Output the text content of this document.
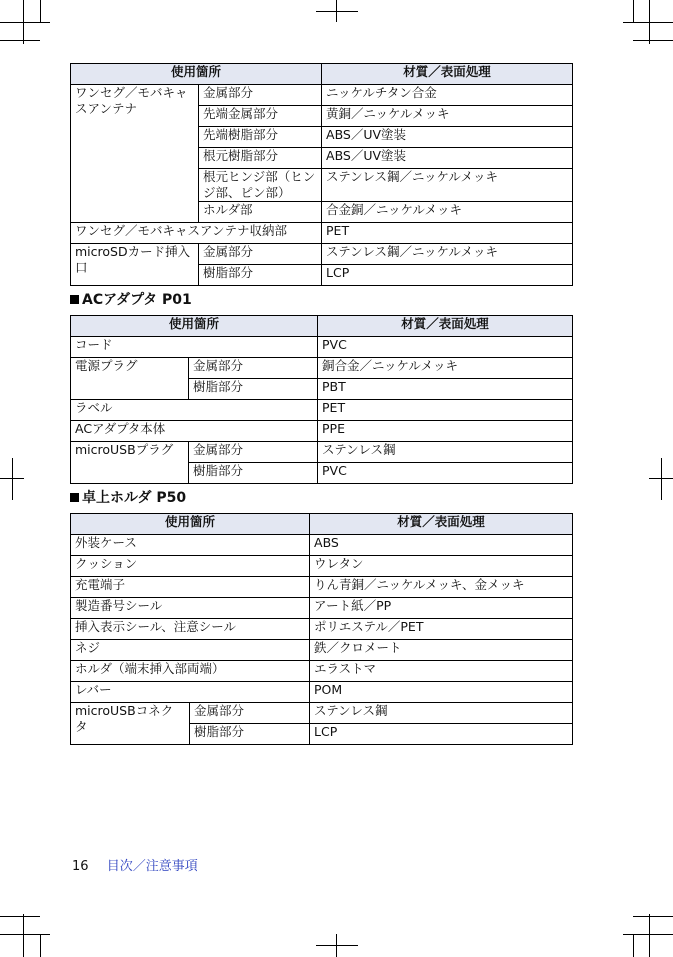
使用箇所		材質／表面処理
ワンセグ／モバキャスアンテナ	金属部分	ニッケルチタン合金
	先端金属部分	黄銅／ニッケルメッキ
	先端樹脂部分	ABS／UV塗装
	根元樹脂部分	ABS／UV塗装
	根元ヒンジ部（ヒンジ部、ピン部）	ステンレス鋼／ニッケルメッキ
	ホルダ部	合金銅／ニッケルメッキ
ワンセグ／モバキャスアンテナ収納部		PET
microSDカード挿入口	金属部分	ステンレス鋼／ニッケルメッキ
	樹脂部分	LCP
ACアダプタ P01
使用箇所		材質／表面処理
コード		PVC
電源プラグ	金属部分	銅合金／ニッケルメッキ
	樹脂部分	PBT
ラベル		PET
ACアダプタ本体		PPE
microUSBプラグ	金属部分	ステンレス鋼
	樹脂部分	PVC
卓上ホルダ P50
使用箇所		材質／表面処理
外装ケース		ABS
クッション		ウレタン
充電端子		りん青銅／ニッケルメッキ、金メッキ
製造番号シール		アート紙／PP
挿入表示シール、注意シール		ポリエステル／PET
ネジ		鉄／クロメート
ホルダ（端末挿入部両端）		エラストマ
レバー		POM
microUSBコネクタ	金属部分	ステンレス鋼
	樹脂部分	LCP
16 目次／注意事項
